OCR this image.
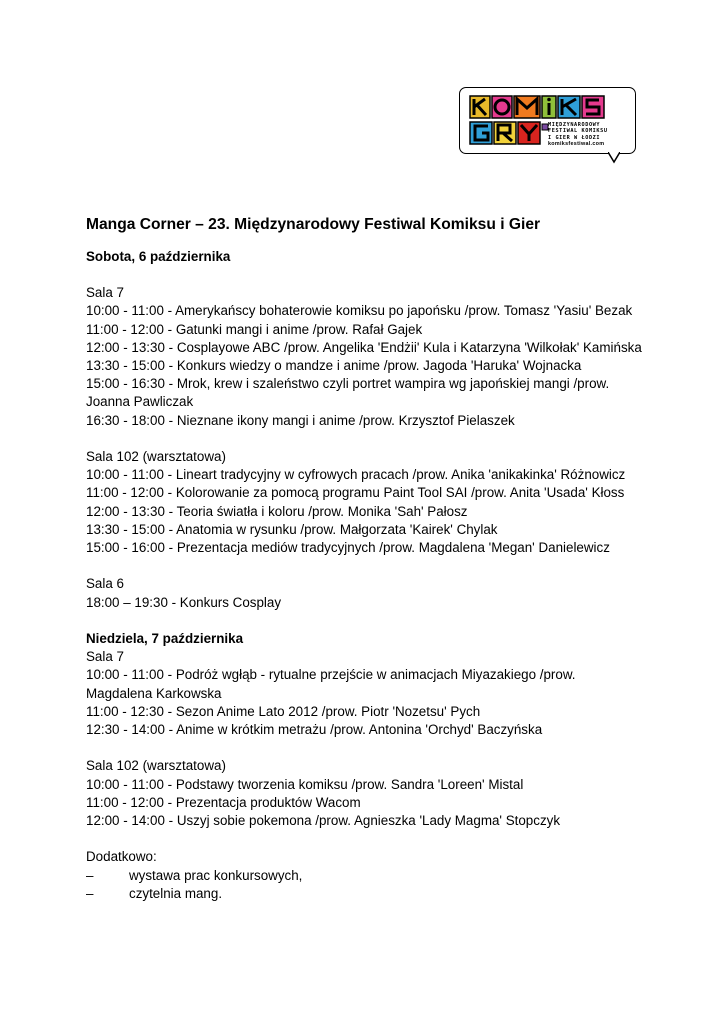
MIĘDZYNARODOWY
FESTIWAL KOMIKSU
I GIER W ŁODZI
komiksfestiwal.com

Manga Corner – 23. Międzynarodowy Festiwal Komiksu i Gier

Sobota, 6 października

Sala 7

10:00 - 11:00 - Amerykańscy bohaterowie komiksu po japońsku /prow. Tomasz 'Yasiu' Bezak

11:00 - 12:00 - Gatunki mangi i anime /prow. Rafał Gajek

12:00 - 13:30 - Cosplayowe ABC /prow. Angelika 'Endżii' Kula i Katarzyna 'Wilkołak' Kamińska

13:30 - 15:00 - Konkurs wiedzy o mandze i anime /prow. Jagoda 'Haruka' Wojnacka

15:00 - 16:30 - Mrok, krew i szaleństwo czyli portret wampira wg japońskiej mangi /prow. Joanna Pawliczak

16:30 - 18:00 - Nieznane ikony mangi i anime /prow. Krzysztof Pielaszek

Sala 102 (warsztatowa)

10:00 - 11:00 - Lineart tradycyjny w cyfrowych pracach /prow. Anika 'anikakinka' Różnowicz

11:00 - 12:00 - Kolorowanie za pomocą programu Paint Tool SAI /prow. Anita 'Usada' Kłoss

12:00 - 13:30 - Teoria światła i koloru /prow. Monika 'Sah' Pałosz

13:30 - 15:00 - Anatomia w rysunku /prow. Małgorzata 'Kairek' Chylak

15:00 - 16:00 - Prezentacja mediów tradycyjnych /prow. Magdalena 'Megan' Danielewicz

Sala 6

18:00 – 19:30 - Konkurs Cosplay

Niedziela, 7 października

Sala 7

10:00 - 11:00 - Podróż wgłąb - rytualne przejście w animacjach Miyazakiego /prow. Magdalena Karkowska

11:00 - 12:30 - Sezon Anime Lato 2012 /prow. Piotr 'Nozetsu' Pych

12:30 - 14:00 - Anime w krótkim metrażu /prow. Antonina 'Orchyd' Baczyńska

Sala 102 (warsztatowa)

10:00 - 11:00 - Podstawy tworzenia komiksu /prow. Sandra 'Loreen' Mistal

11:00 - 12:00 - Prezentacja produktów Wacom

12:00 - 14:00 - Uszyj sobie pokemona /prow. Agnieszka 'Lady Magma' Stopczyk

Dodatkowo:

–	wystawa prac konkursowych,
–	czytelnia mang.
